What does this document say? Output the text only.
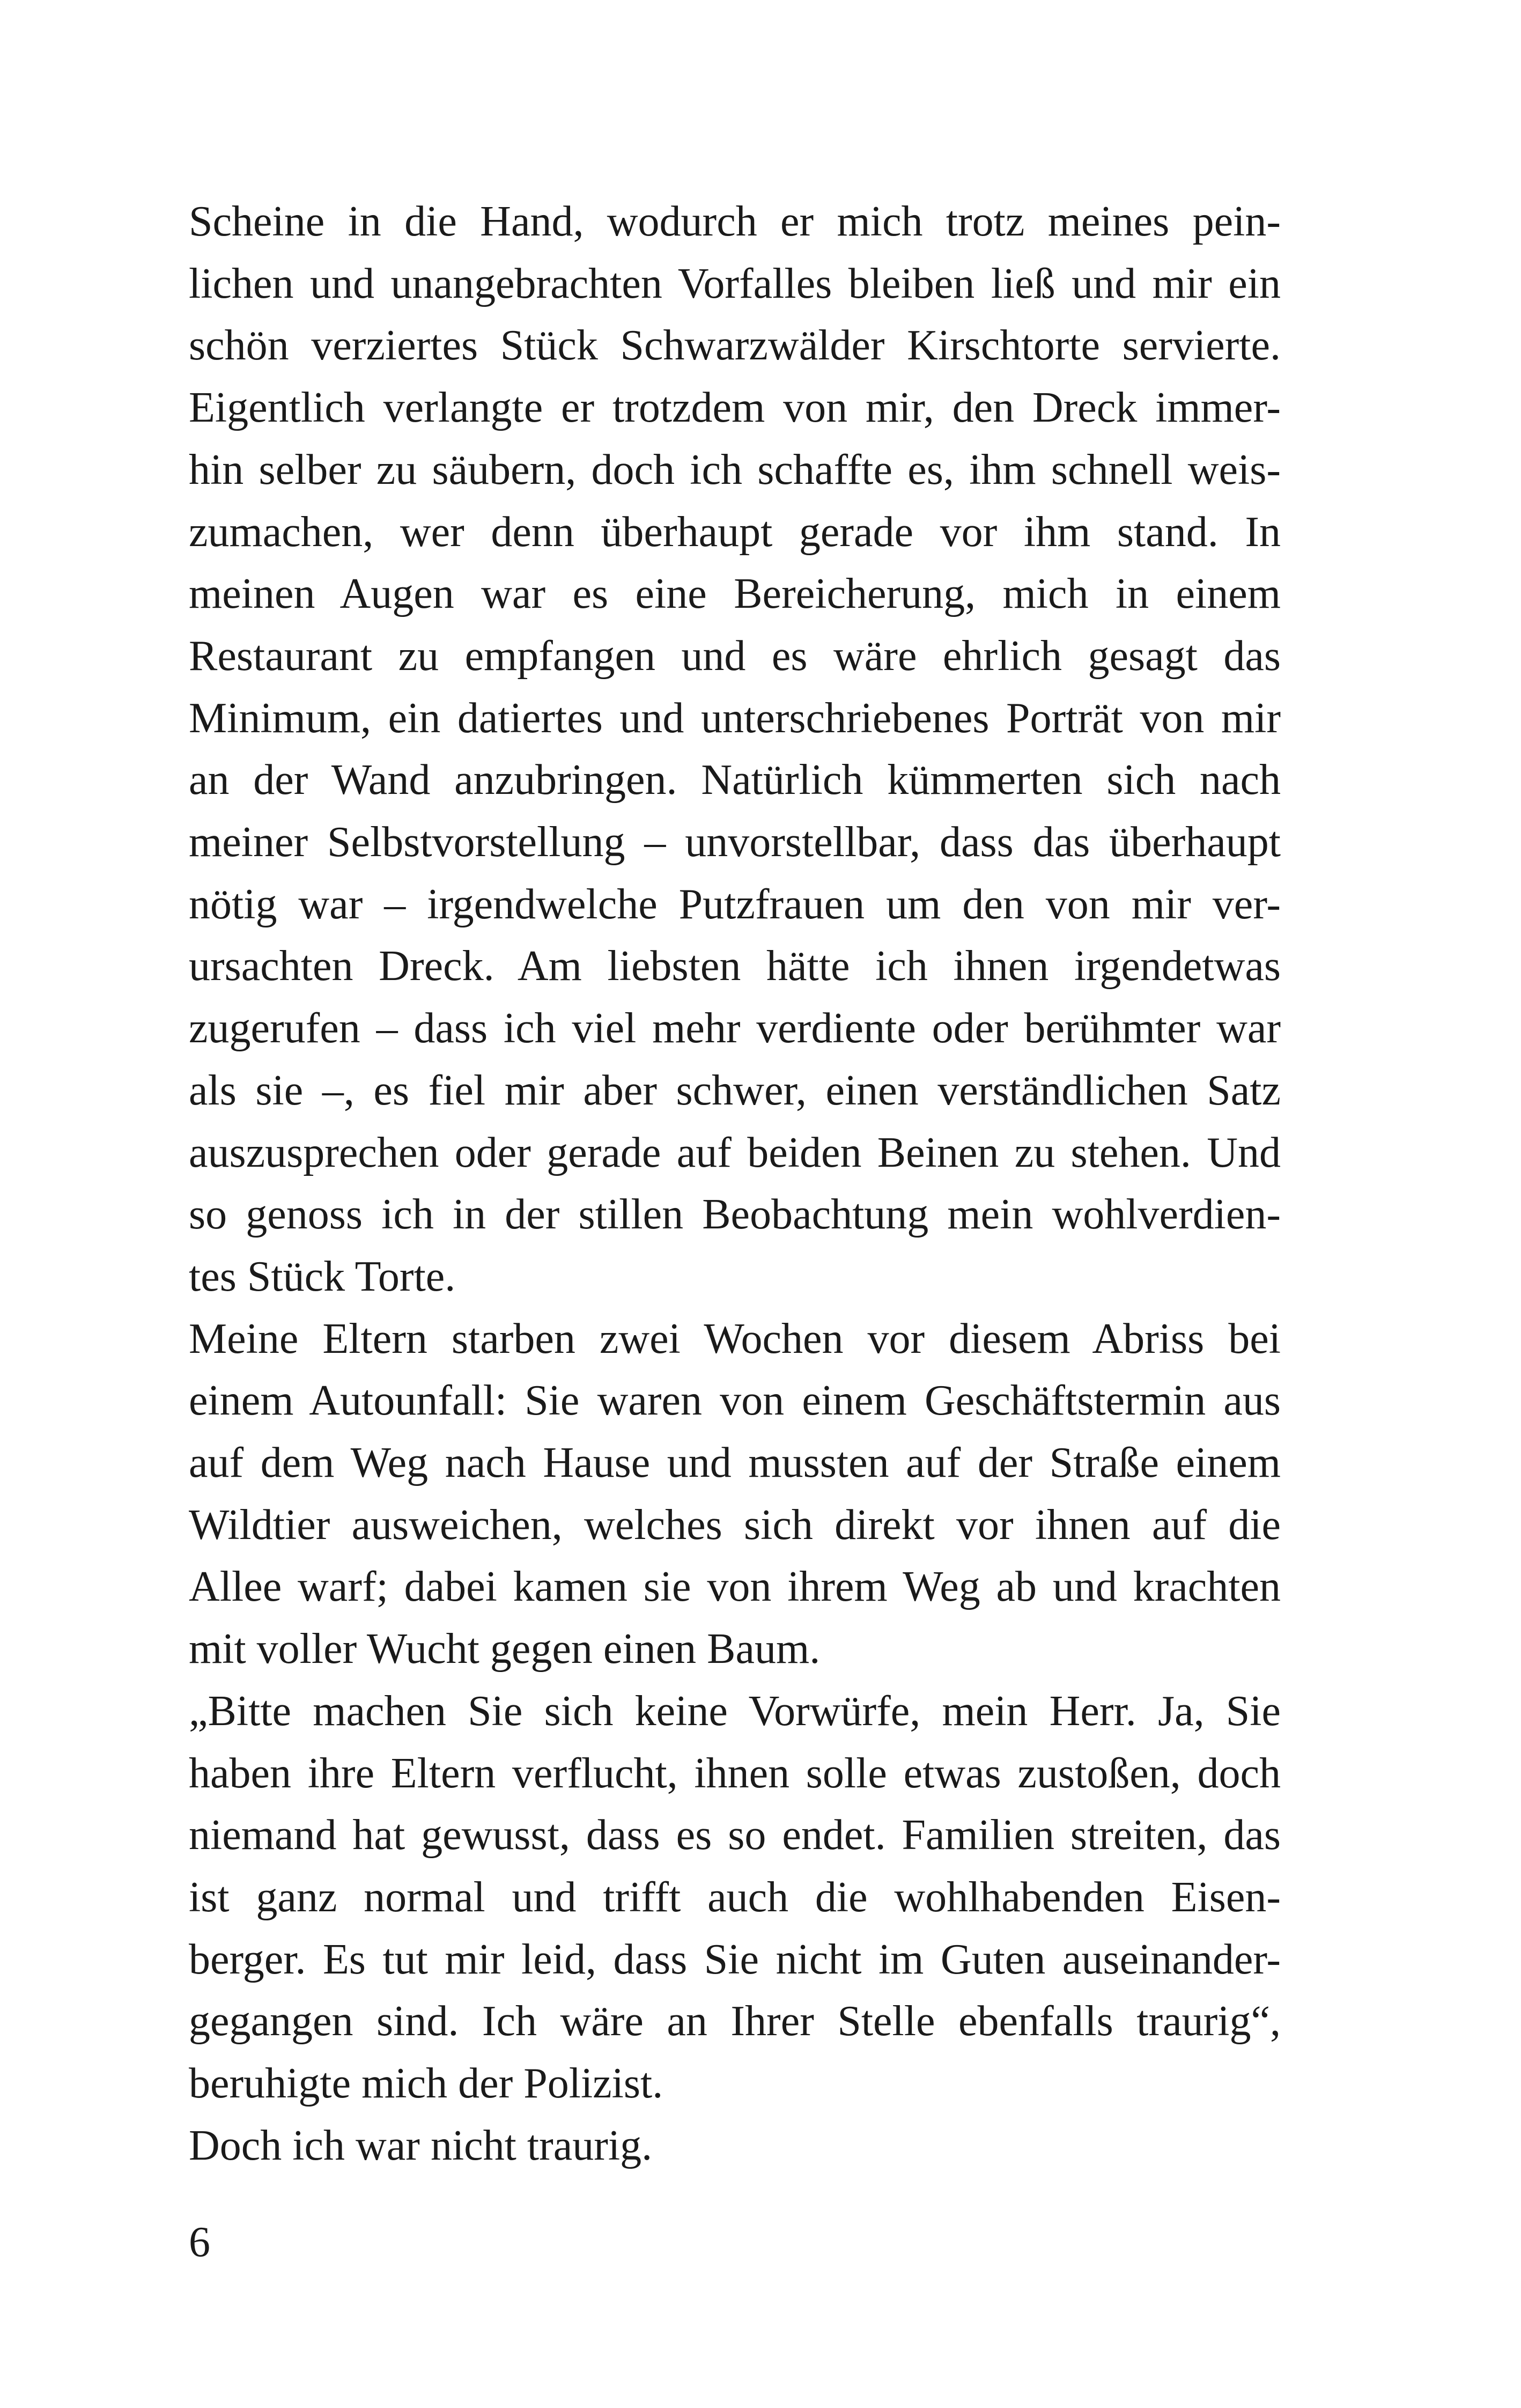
Scheine in die Hand, wodurch er mich trotz meines pein-
lichen und unangebrachten Vorfalles bleiben ließ und mir ein
schön verziertes Stück Schwarzwälder Kirschtorte servierte.
Eigentlich verlangte er trotzdem von mir, den Dreck immer-
hin selber zu säubern, doch ich schaffte es, ihm schnell weis-
zumachen, wer denn überhaupt gerade vor ihm stand. In
meinen Augen war es eine Bereicherung, mich in einem
Restaurant zu empfangen und es wäre ehrlich gesagt das
Minimum, ein datiertes und unterschriebenes Porträt von mir
an der Wand anzubringen. Natürlich kümmerten sich nach
meiner Selbstvorstellung – unvorstellbar, dass das überhaupt
nötig war – irgendwelche Putzfrauen um den von mir ver-
ursachten Dreck. Am liebsten hätte ich ihnen irgendetwas
zugerufen – dass ich viel mehr verdiente oder berühmter war
als sie –, es fiel mir aber schwer, einen verständlichen Satz
auszusprechen oder gerade auf beiden Beinen zu stehen. Und
so genoss ich in der stillen Beobachtung mein wohlverdien-
tes Stück Torte.
Meine Eltern starben zwei Wochen vor diesem Abriss bei
einem Autounfall: Sie waren von einem Geschäftstermin aus
auf dem Weg nach Hause und mussten auf der Straße einem
Wildtier ausweichen, welches sich direkt vor ihnen auf die
Allee warf; dabei kamen sie von ihrem Weg ab und krachten
mit voller Wucht gegen einen Baum.
„Bitte machen Sie sich keine Vorwürfe, mein Herr. Ja, Sie
haben ihre Eltern verflucht, ihnen solle etwas zustoßen, doch
niemand hat gewusst, dass es so endet. Familien streiten, das
ist ganz normal und trifft auch die wohlhabenden Eisen-
berger. Es tut mir leid, dass Sie nicht im Guten auseinander-
gegangen sind. Ich wäre an Ihrer Stelle ebenfalls traurig“,
beruhigte mich der Polizist.
Doch ich war nicht traurig.
6
